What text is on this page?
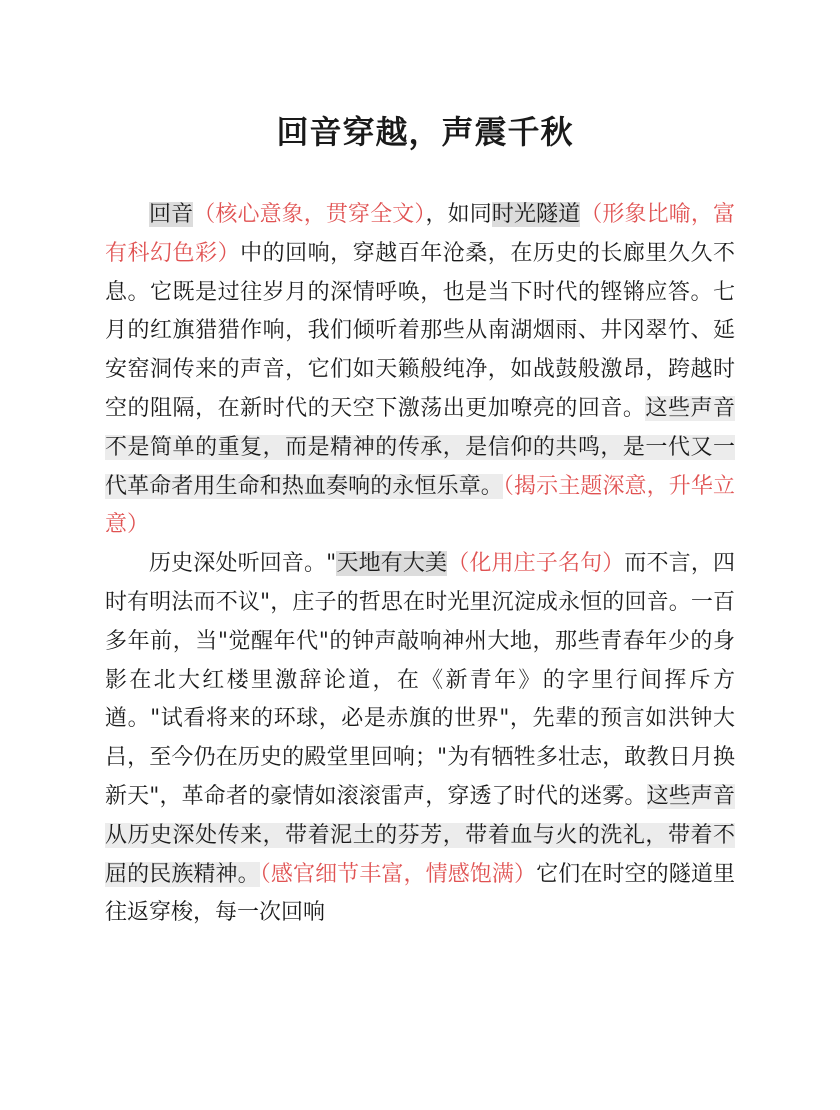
回音穿越，声震千秋

回音（核心意象，贯穿全文），如同时光隧道（形象比喻，富有科幻色彩）中的回响，穿越百年沧桑，在历史的长廊里久久不息。它既是过往岁月的深情呼唤，也是当下时代的铿锵应答。七月的红旗猎猎作响，我们倾听着那些从南湖烟雨、井冈翠竹、延安窑洞传来的声音，它们如天籁般纯净，如战鼓般激昂，跨越时空的阻隔，在新时代的天空下激荡出更加嘹亮的回音。这些声音不是简单的重复，而是精神的传承，是信仰的共鸣，是一代又一代革命者用生命和热血奏响的永恒乐章。（揭示主题深意，升华立意）

历史深处听回音。"天地有大美（化用庄子名句）而不言，四时有明法而不议"，庄子的哲思在时光里沉淀成永恒的回音。一百多年前，当"觉醒年代"的钟声敲响神州大地，那些青春年少的身影在北大红楼里激辞论道，在《新青年》的字里行间挥斥方遒。"试看将来的环球，必是赤旗的世界"，先辈的预言如洪钟大吕，至今仍在历史的殿堂里回响；"为有牺牲多壮志，敢教日月换新天"，革命者的豪情如滚滚雷声，穿透了时代的迷雾。这些声音从历史深处传来，带着泥土的芬芳，带着血与火的洗礼，带着不屈的民族精神。（感官细节丰富，情感饱满）它们在时空的隧道里往返穿梭，每一次回响
